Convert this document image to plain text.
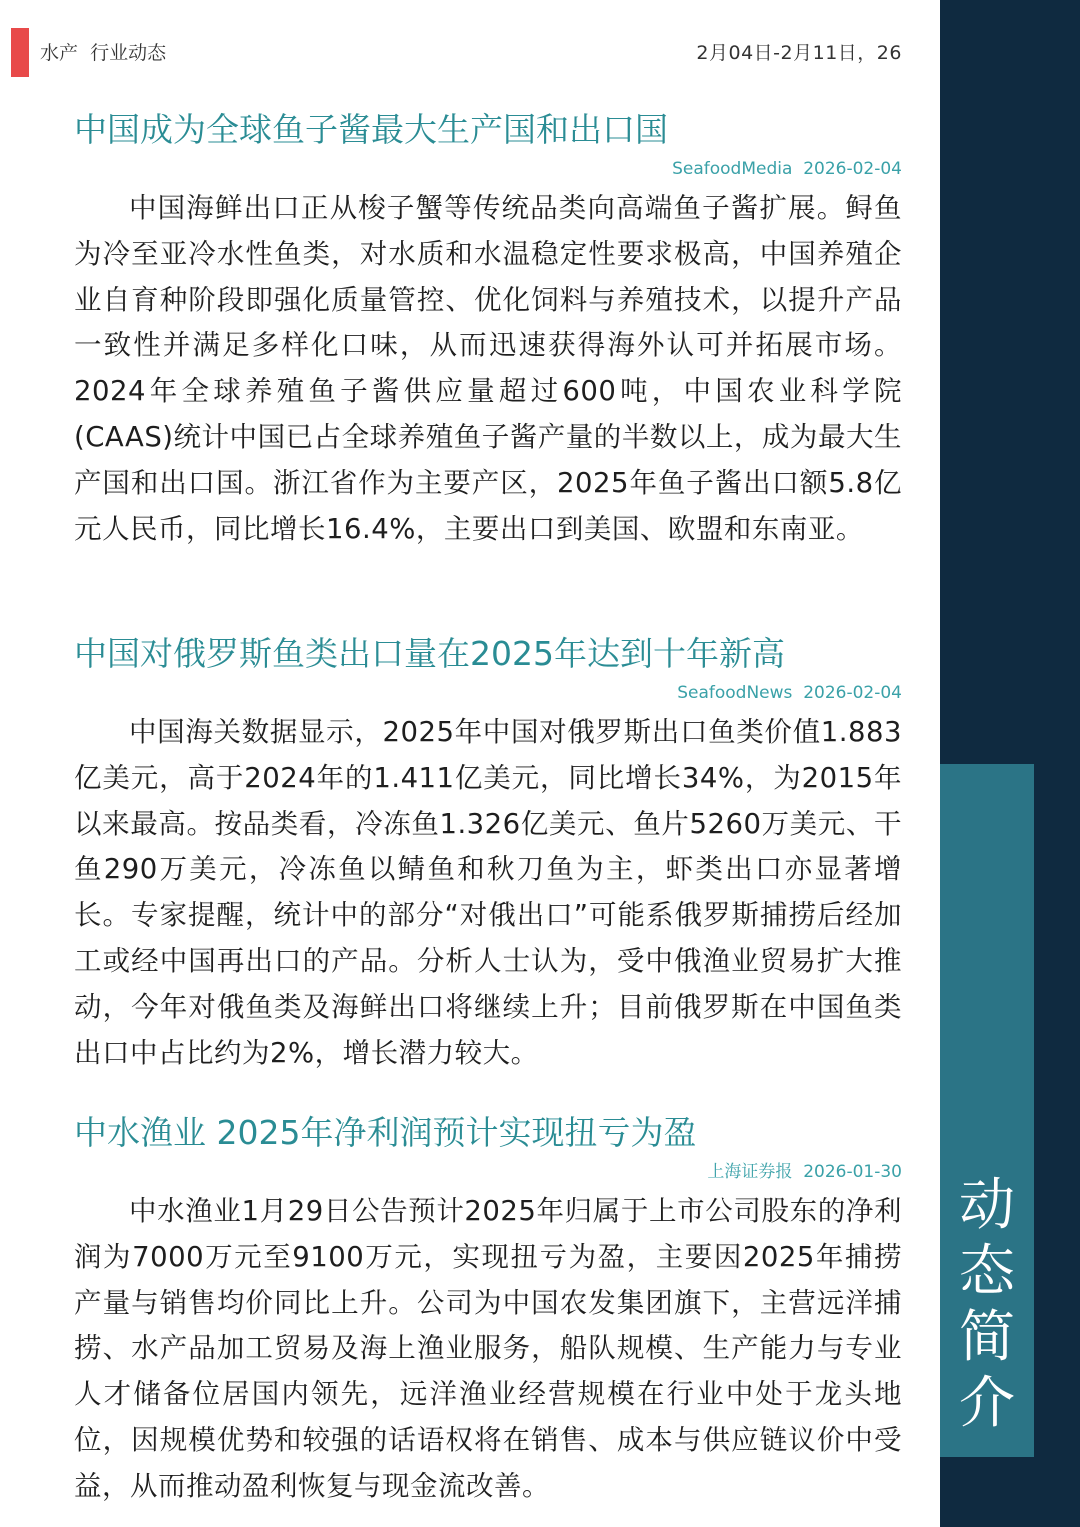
水产  行业动态	2月04日-2月11日，26
动
态
简
介
中国成为全球鱼子酱最大生产国和出口国

SeafoodMedia  2026-02-04

中国海鲜出口正从梭子蟹等传统品类向高端鱼子酱扩展。鲟鱼为冷至亚冷水性鱼类，对水质和水温稳定性要求极高，中国养殖企业自育种阶段即强化质量管控、优化饲料与养殖技术，以提升产品一致性并满足多样化口味，从而迅速获得海外认可并拓展市场。2024年全球养殖鱼子酱供应量超过600吨，中国农业科学院(CAAS)统计中国已占全球养殖鱼子酱产量的半数以上，成为最大生产国和出口国。浙江省作为主要产区，2025年鱼子酱出口额5.8亿元人民币，同比增长16.4%，主要出口到美国、欧盟和东南亚。

中国对俄罗斯鱼类出口量在2025年达到十年新高

SeafoodNews  2026-02-04

中国海关数据显示，2025年中国对俄罗斯出口鱼类价值1.883亿美元，高于2024年的1.411亿美元，同比增长34%，为2015年以来最高。按品类看，冷冻鱼1.326亿美元、鱼片5260万美元、干鱼290万美元，冷冻鱼以鲭鱼和秋刀鱼为主，虾类出口亦显著增长。专家提醒，统计中的部分“对俄出口”可能系俄罗斯捕捞后经加工或经中国再出口的产品。分析人士认为，受中俄渔业贸易扩大推动，今年对俄鱼类及海鲜出口将继续上升；目前俄罗斯在中国鱼类出口中占比约为2%，增长潜力较大。

中水渔业 2025年净利润预计实现扭亏为盈

上海证券报  2026-01-30

中水渔业1月29日公告预计2025年归属于上市公司股东的净利润为7000万元至9100万元，实现扭亏为盈，主要因2025年捕捞产量与销售均价同比上升。公司为中国农发集团旗下，主营远洋捕捞、水产品加工贸易及海上渔业服务，船队规模、生产能力与专业人才储备位居国内领先，远洋渔业经营规模在行业中处于龙头地位，因规模优势和较强的话语权将在销售、成本与供应链议价中受益，从而推动盈利恢复与现金流改善。
